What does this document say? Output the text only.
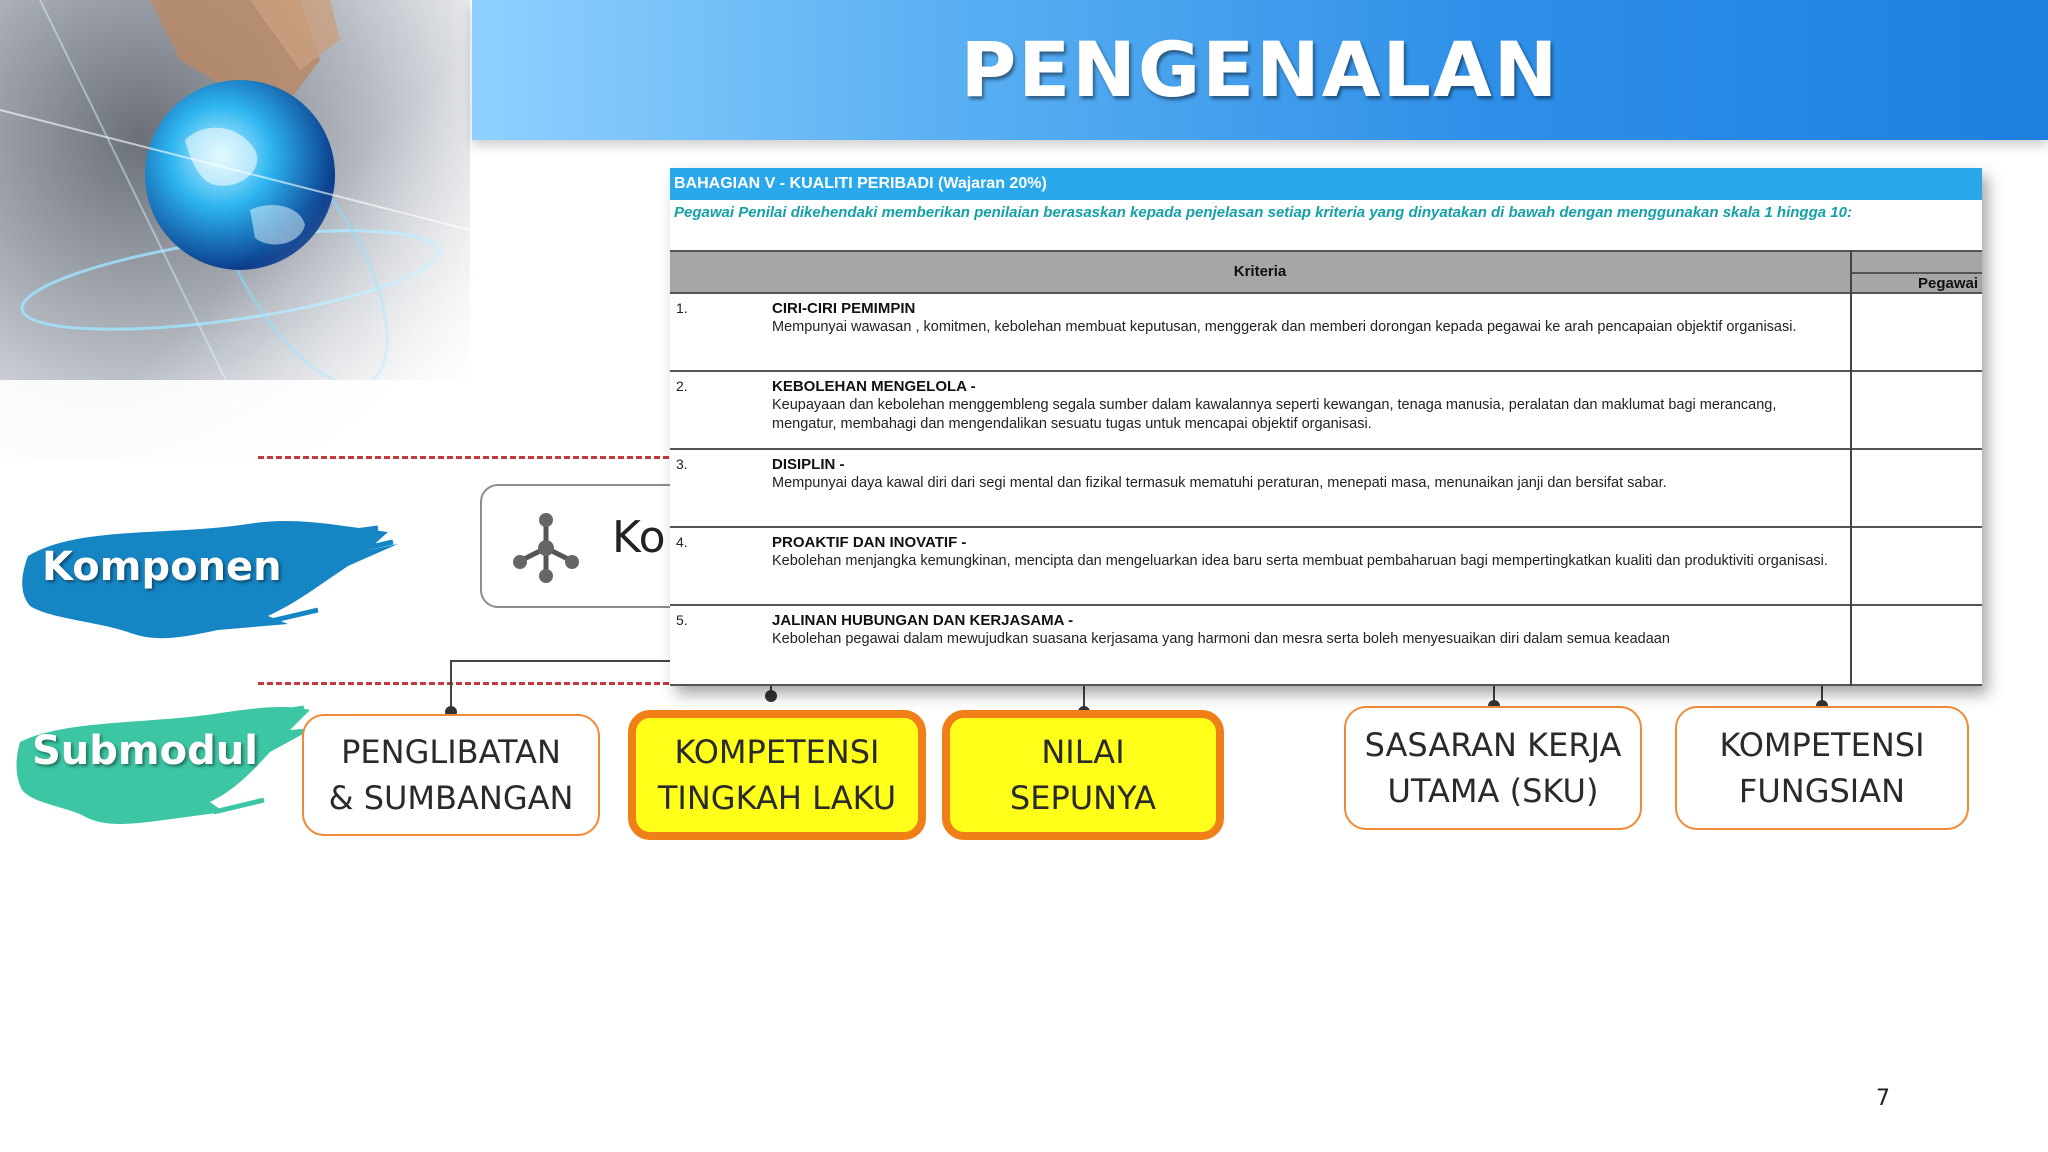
PENGENALAN
Komponen
Submodul
Ko
PENGLIBATAN
& SUMBANGAN
KOMPETENSI
TINGKAH LAKU
NILAI
SEPUNYA
SASARAN KERJA
UTAMA (SKU)
KOMPETENSI
FUNGSIAN
BAHAGIAN V - KUALITI PERIBADI (Wajaran 20%)
Pegawai Penilai dikehendaki memberikan penilaian berasaskan kepada penjelasan setiap kriteria yang dinyatakan di bawah dengan menggunakan skala 1 hingga 10:
Kriteria
Pegawai
1.	CIRI-CIRI PEMIMPIN
Mempunyai wawasan , komitmen, kebolehan membuat keputusan, menggerak dan memberi dorongan kepada pegawai ke arah pencapaian objektif organisasi.
2.	KEBOLEHAN MENGELOLA -
Keupayaan dan kebolehan menggembleng segala sumber dalam kawalannya seperti kewangan, tenaga manusia, peralatan dan maklumat bagi merancang, mengatur, membahagi dan mengendalikan sesuatu tugas untuk mencapai objektif organisasi.
3.	DISIPLIN -
Mempunyai daya kawal diri dari segi mental dan fizikal termasuk mematuhi peraturan, menepati masa, menunaikan janji dan bersifat sabar.
4.	PROAKTIF DAN INOVATIF -
Kebolehan menjangka kemungkinan, mencipta dan mengeluarkan idea baru serta membuat pembaharuan bagi mempertingkatkan kualiti dan produktiviti organisasi.
5.	JALINAN HUBUNGAN DAN KERJASAMA -
Kebolehan pegawai dalam mewujudkan suasana kerjasama yang harmoni dan mesra serta boleh menyesuaikan diri dalam semua keadaan
7
